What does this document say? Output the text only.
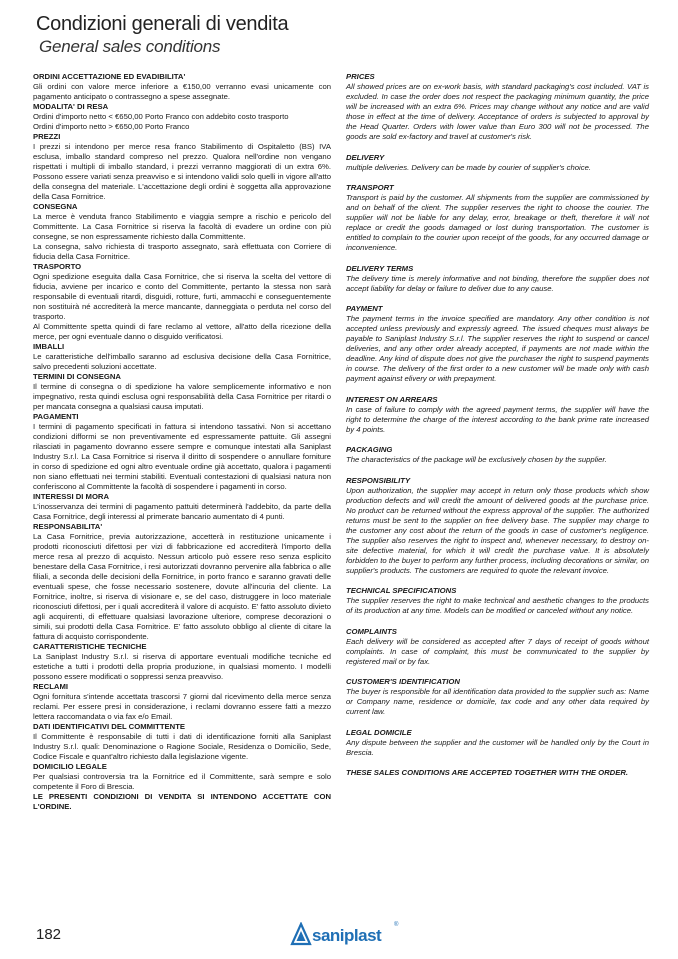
Condizioni generali di vendita
General sales conditions

ORDINI ACCETTAZIONE ED EVADIBILITA'

Gli ordini con valore merce inferiore a €150,00 verranno evasi unicamente con pagamento anticipato o contrassegno a spese assegnate.

MODALITA' DI RESA

Ordini d'importo netto < €650,00 Porto Franco con addebito costo trasporto

Ordini d'importo netto > €650,00 Porto Franco

PREZZI

I prezzi si intendono per merce resa franco Stabilimento di Ospitaletto (BS) IVA esclusa, imballo standard compreso nel prezzo. Qualora nell'ordine non vengano rispettati i multipli di imballo standard, i prezzi verranno maggiorati di un extra 6%. Possono essere variati senza preavviso e si intendono validi solo quelli in vigore all'atto della consegna del materiale. L'accettazione degli ordini è soggetta alla approvazione della Casa Fornitrice.

CONSEGNA

La merce è venduta franco Stabilimento e viaggia sempre a rischio e pericolo del Committente. La Casa Fornitrice si riserva la facoltà di evadere un ordine con più consegne, se non espressamente richiesto dalla Committente.

La consegna, salvo richiesta di trasporto assegnato, sarà effettuata con Corriere di fiducia della Casa Fornitrice.

TRASPORTO

Ogni spedizione eseguita dalla Casa Fornitrice, che si riserva la scelta del vettore di fiducia, avviene per incarico e conto del Committente, pertanto la stessa non sarà responsabile di eventuali ritardi, disguidi, rotture, furti, ammacchi e conseguentemente non sostituirà né accrediterà la merce mancante, danneggiata o perduta nel corso del trasporto.

Al Committente spetta quindi di fare reclamo al vettore, all'atto della ricezione della merce, per ogni eventuale danno o disguido verificatosi.

IMBALLI

Le caratteristiche dell'imballo saranno ad esclusiva decisione della Casa Fornitrice, salvo precedenti soluzioni accettate.

TERMINI DI CONSEGNA

Il termine di consegna o di spedizione ha valore semplicemente informativo e non impegnativo, resta quindi esclusa ogni responsabilità della Casa Fornitrice per ritardi o per mancata consegna a qualsiasi causa imputati.

PAGAMENTI

I termini di pagamento specificati in fattura si intendono tassativi. Non si accettano condizioni difformi se non preventivamente ed espressamente pattuite. Gli assegni rilasciati in pagamento dovranno essere sempre e comunque intestati alla Saniplast Industry S.r.l. La Casa Fornitrice si riserva il diritto di sospendere o annullare forniture in corso di spedizione ed ogni altro eventuale ordine già accettato, qualora i pagamenti non siano effettuati nei termini stabiliti. Eventuali contestazioni di qualsiasi natura non conferiscono al Committente la facoltà di sospendere i pagamenti in corso.

INTERESSI DI MORA

L'inosservanza dei termini di pagamento pattuiti determinerà l'addebito, da parte della Casa Fornitrice, degli interessi al primerate bancario aumentato di 4 punti.

RESPONSABILITA'

La Casa Fornitrice, previa autorizzazione, accetterà in restituzione unicamente i prodotti riconosciuti difettosi per vizi di fabbricazione ed accrediterà l'importo della merce resa al prezzo di acquisto. Nessun articolo può essere reso senza esplicito benestare della Casa Fornitrice, i resi autorizzati dovranno pervenire alla fabbrica o alle filiali, a seconda delle decisioni della Fornitrice, in porto franco e saranno gravati delle eventuali spese, che fosse necessario sostenere, dovute all'incuria del cliente. La Fornitrice, inoltre, si riserva di visionare e, se del caso, distruggere in loco materiale riconosciuti difettosi, per i quali accrediterà il valore di acquisto. E' fatto assoluto divieto agli acquirenti, di effettuare qualsiasi lavorazione ulteriore, comprese decorazioni o simili, sui prodotti della Casa Fornitrice. E' fatto assoluto obbligo al cliente di citare la fattura di acquisto corrispondente.

CARATTERISTICHE TECNICHE

La Saniplast Industry S.r.l. si riserva di apportare eventuali modifiche tecniche ed estetiche a tutti i prodotti della propria produzione, in qualsiasi momento. I modelli possono essere modificati o soppressi senza preavviso.

RECLAMI

Ogni fornitura s'intende accettata trascorsi 7 giorni dal ricevimento della merce senza reclami. Per essere presi in considerazione, i reclami dovranno essere fatti a mezzo lettera raccomandata o via fax e/o Email.

DATI IDENTIFICATIVI DEL COMMITTENTE

Il Committente è responsabile di tutti i dati di identificazione forniti alla Saniplast Industry S.r.l. quali: Denominazione o Ragione Sociale, Residenza o Domicilio, Sede, Codice Fiscale e quant'altro richiesto dalla legislazione vigente.

DOMICILIO LEGALE

Per qualsiasi controversia tra la Fornitrice ed il Committente, sarà sempre e solo competente il Foro di Brescia.

LE PRESENTI CONDIZIONI DI VENDITA SI INTENDONO ACCETTATE CON L'ORDINE.

PRICES

All showed prices are on ex-work basis, with standard packaging's cost included. VAT is excluded. In case the order does not respect the packaging minimum quantity, the price will be increased with an extra 6%. Prices may change without any notice and are valid those in effect at the time of delivery. Acceptance of orders is subjected to approval by the Head Quarter. Orders with lower value than Euro 300 will not be processed. The goods are sold ex-factory and travel at customer's risk.

DELIVERY

multiple deliveries. Delivery can be made by courier of supplier's choice.

TRANSPORT

Transport is paid by the customer. All shipments from the supplier are commissioned by and on behalf of the client. The supplier reserves the right to choose the courier. The supplier will not be liable for any delay, error, breakage or theft, therefore it will not replace or credit the goods damaged or lost during transportation. The customer is entitled to complain to the courier upon receipt of the goods, for any occurred damage or inconvenience.

DELIVERY TERMS

The delivery time is merely informative and not binding, therefore the supplier does not accept liability for delay or failure to deliver due to any cause.

PAYMENT

The payment terms in the invoice specified are mandatory. Any other condition is not accepted unless previously and expressly agreed. The issued cheques must always be payable to Saniplast Industry S.r.l. The supplier reserves the right to suspend or cancel deliveries, and any other order already accepted, if payments are not made within the deadline. Any kind of dispute does not give the purchaser the right to suspend payments in course. The delivery of the first order to a new customer will be made only with cash payment against elivery or with prepayment.

INTEREST ON ARREARS

In case of failure to comply with the agreed payment terms, the supplier will have the right to determine the charge of the interest according to the bank prime rate increased by 4 points.

PACKAGING

The characteristics of the package will be exclusively chosen by the supplier.

RESPONSIBILITY

Upon authorization, the supplier may accept in return only those products which show production defects and will credit the amount of delivered goods at the purchase price. No product can be returned without the express approval of the supplier. The authorized returns must be sent to the supplier on free delivery base. The supplier may charge to the customer any cost about the return of the goods in case of customer's negligence. The supplier also reserves the right to inspect and, whenever necessary, to destroy on-site defective material, for which it will credit the purchase value. It is absolutely forbidden to the buyer to perform any further process, including decorations or similar, on supplier's products. The customers are required to quote the relevant invoice.

TECHNICAL SPECIFICATIONS

The supplier reserves the right to make technical and aesthetic changes to the products of its production at any time. Models can be modified or canceled without any notice.

COMPLAINTS

Each delivery will be considered as accepted after 7 days of receipt of goods without complaints. In case of complaint, this must be communicated to the supplier by registered mail or by fax.

CUSTOMER'S IDENTIFICATION

The buyer is responsible for all identification data provided to the supplier such as: Name or Company name, residence or domicile, tax code and any other data required by current law.

LEGAL DOMICILE

Any dispute between the supplier and the customer will be handled only by the Court in Brescia.

THESE SALES CONDITIONS ARE ACCEPTED TOGETHER WITH THE ORDER.

182	saniplast
®
